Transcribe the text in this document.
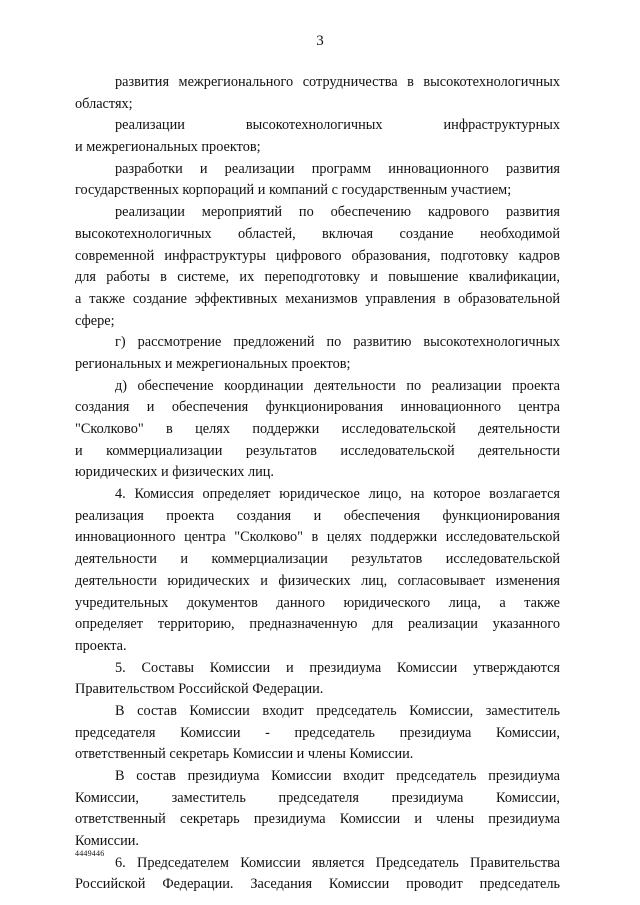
3
развития межрегионального сотрудничества в высокотехнологичных
областях;
реализации высокотехнологичных инфраструктурных
и межрегиональных проектов;
разработки и реализации программ инновационного развития
государственных корпораций и компаний с государственным участием;
реализации мероприятий по обеспечению кадрового развития
высокотехнологичных областей, включая создание необходимой
современной инфраструктуры цифрового образования, подготовку кадров
для работы в системе, их переподготовку и повышение квалификации,
а также создание эффективных механизмов управления в образовательной
сфере;
г) рассмотрение предложений по развитию высокотехнологичных
региональных и межрегиональных проектов;
д) обеспечение координации деятельности по реализации проекта
создания и обеспечения функционирования инновационного центра
"Сколково" в целях поддержки исследовательской деятельности
и коммерциализации результатов исследовательской деятельности
юридических и физических лиц.
4. Комиссия определяет юридическое лицо, на которое возлагается
реализация проекта создания и обеспечения функционирования
инновационного центра "Сколково" в целях поддержки исследовательской
деятельности и коммерциализации результатов исследовательской
деятельности юридических и физических лиц, согласовывает изменения
учредительных документов данного юридического лица, а также
определяет территорию, предназначенную для реализации указанного
проекта.
5. Составы Комиссии и президиума Комиссии утверждаются
Правительством Российской Федерации.
В состав Комиссии входит председатель Комиссии, заместитель
председателя Комиссии - председатель президиума Комиссии,
ответственный секретарь Комиссии и члены Комиссии.
В состав президиума Комиссии входит председатель президиума
Комиссии, заместитель председателя президиума Комиссии,
ответственный секретарь президиума Комиссии и члены президиума
Комиссии.
6. Председателем Комиссии является Председатель Правительства
Российской Федерации. Заседания Комиссии проводит председатель
4449446
